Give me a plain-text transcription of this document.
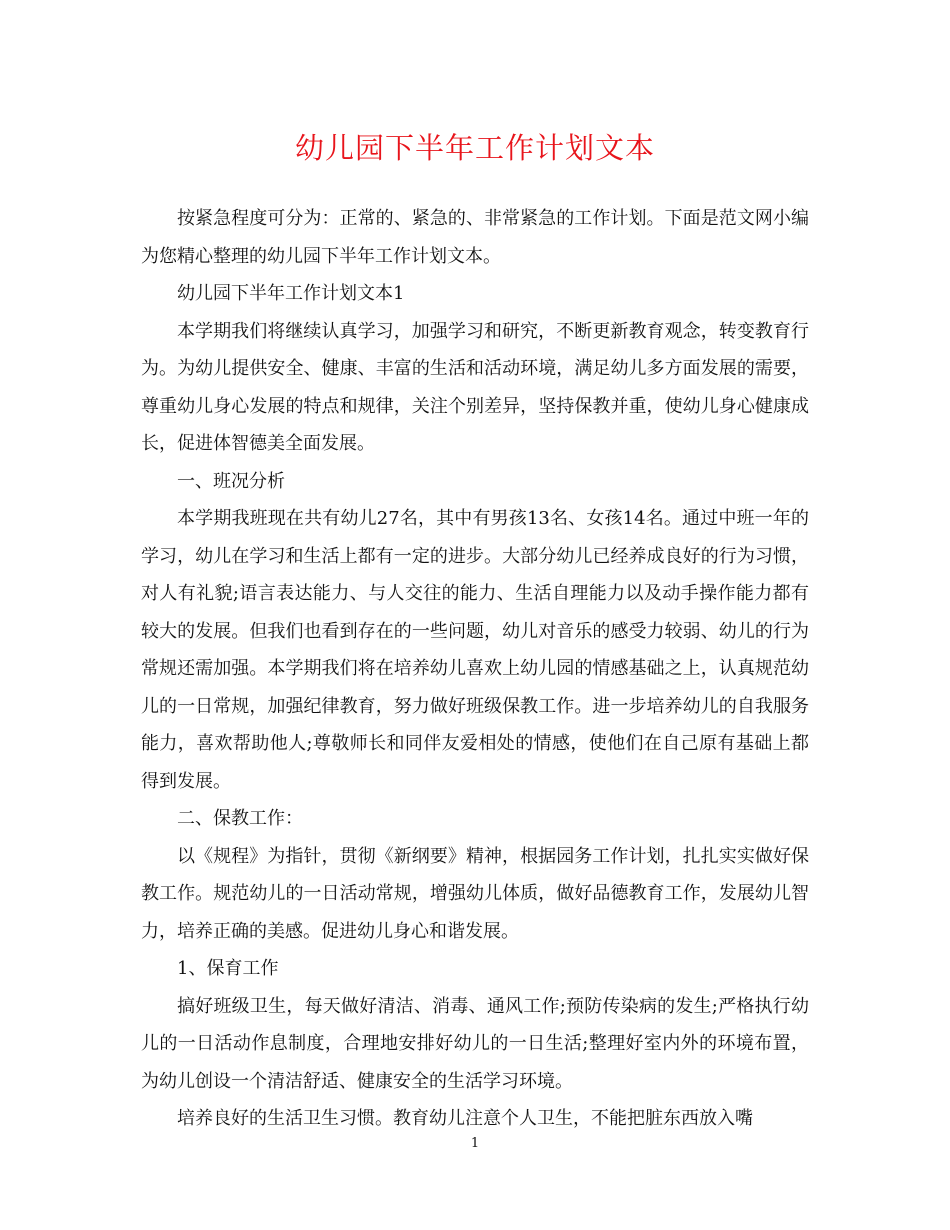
幼儿园下半年工作计划文本

按紧急程度可分为：正常的、紧急的、非常紧急的工作计划。下面是范文网小编为您精心整理的幼儿园下半年工作计划文本。

幼儿园下半年工作计划文本1

本学期我们将继续认真学习，加强学习和研究，不断更新教育观念，转变教育行为。为幼儿提供安全、健康、丰富的生活和活动环境，满足幼儿多方面发展的需要，尊重幼儿身心发展的特点和规律，关注个别差异，坚持保教并重，使幼儿身心健康成长，促进体智德美全面发展。

一、班况分析

本学期我班现在共有幼儿27名，其中有男孩13名、女孩14名。通过中班一年的学习，幼儿在学习和生活上都有一定的进步。大部分幼儿已经养成良好的行为习惯，对人有礼貌;语言表达能力、与人交往的能力、生活自理能力以及动手操作能力都有较大的发展。但我们也看到存在的一些问题，幼儿对音乐的感受力较弱、幼儿的行为常规还需加强。本学期我们将在培养幼儿喜欢上幼儿园的情感基础之上，认真规范幼儿的一日常规，加强纪律教育，努力做好班级保教工作。进一步培养幼儿的自我服务能力，喜欢帮助他人;尊敬师长和同伴友爱相处的情感，使他们在自己原有基础上都得到发展。

二、保教工作：

以《规程》为指针，贯彻《新纲要》精神，根据园务工作计划，扎扎实实做好保教工作。规范幼儿的一日活动常规，增强幼儿体质，做好品德教育工作，发展幼儿智力，培养正确的美感。促进幼儿身心和谐发展。

1、保育工作

搞好班级卫生，每天做好清洁、消毒、通风工作;预防传染病的发生;严格执行幼儿的一日活动作息制度，合理地安排好幼儿的一日生活;整理好室内外的环境布置，为幼儿创设一个清洁舒适、健康安全的生活学习环境。

培养良好的生活卫生习惯。教育幼儿注意个人卫生，不能把脏东西放入嘴

1
